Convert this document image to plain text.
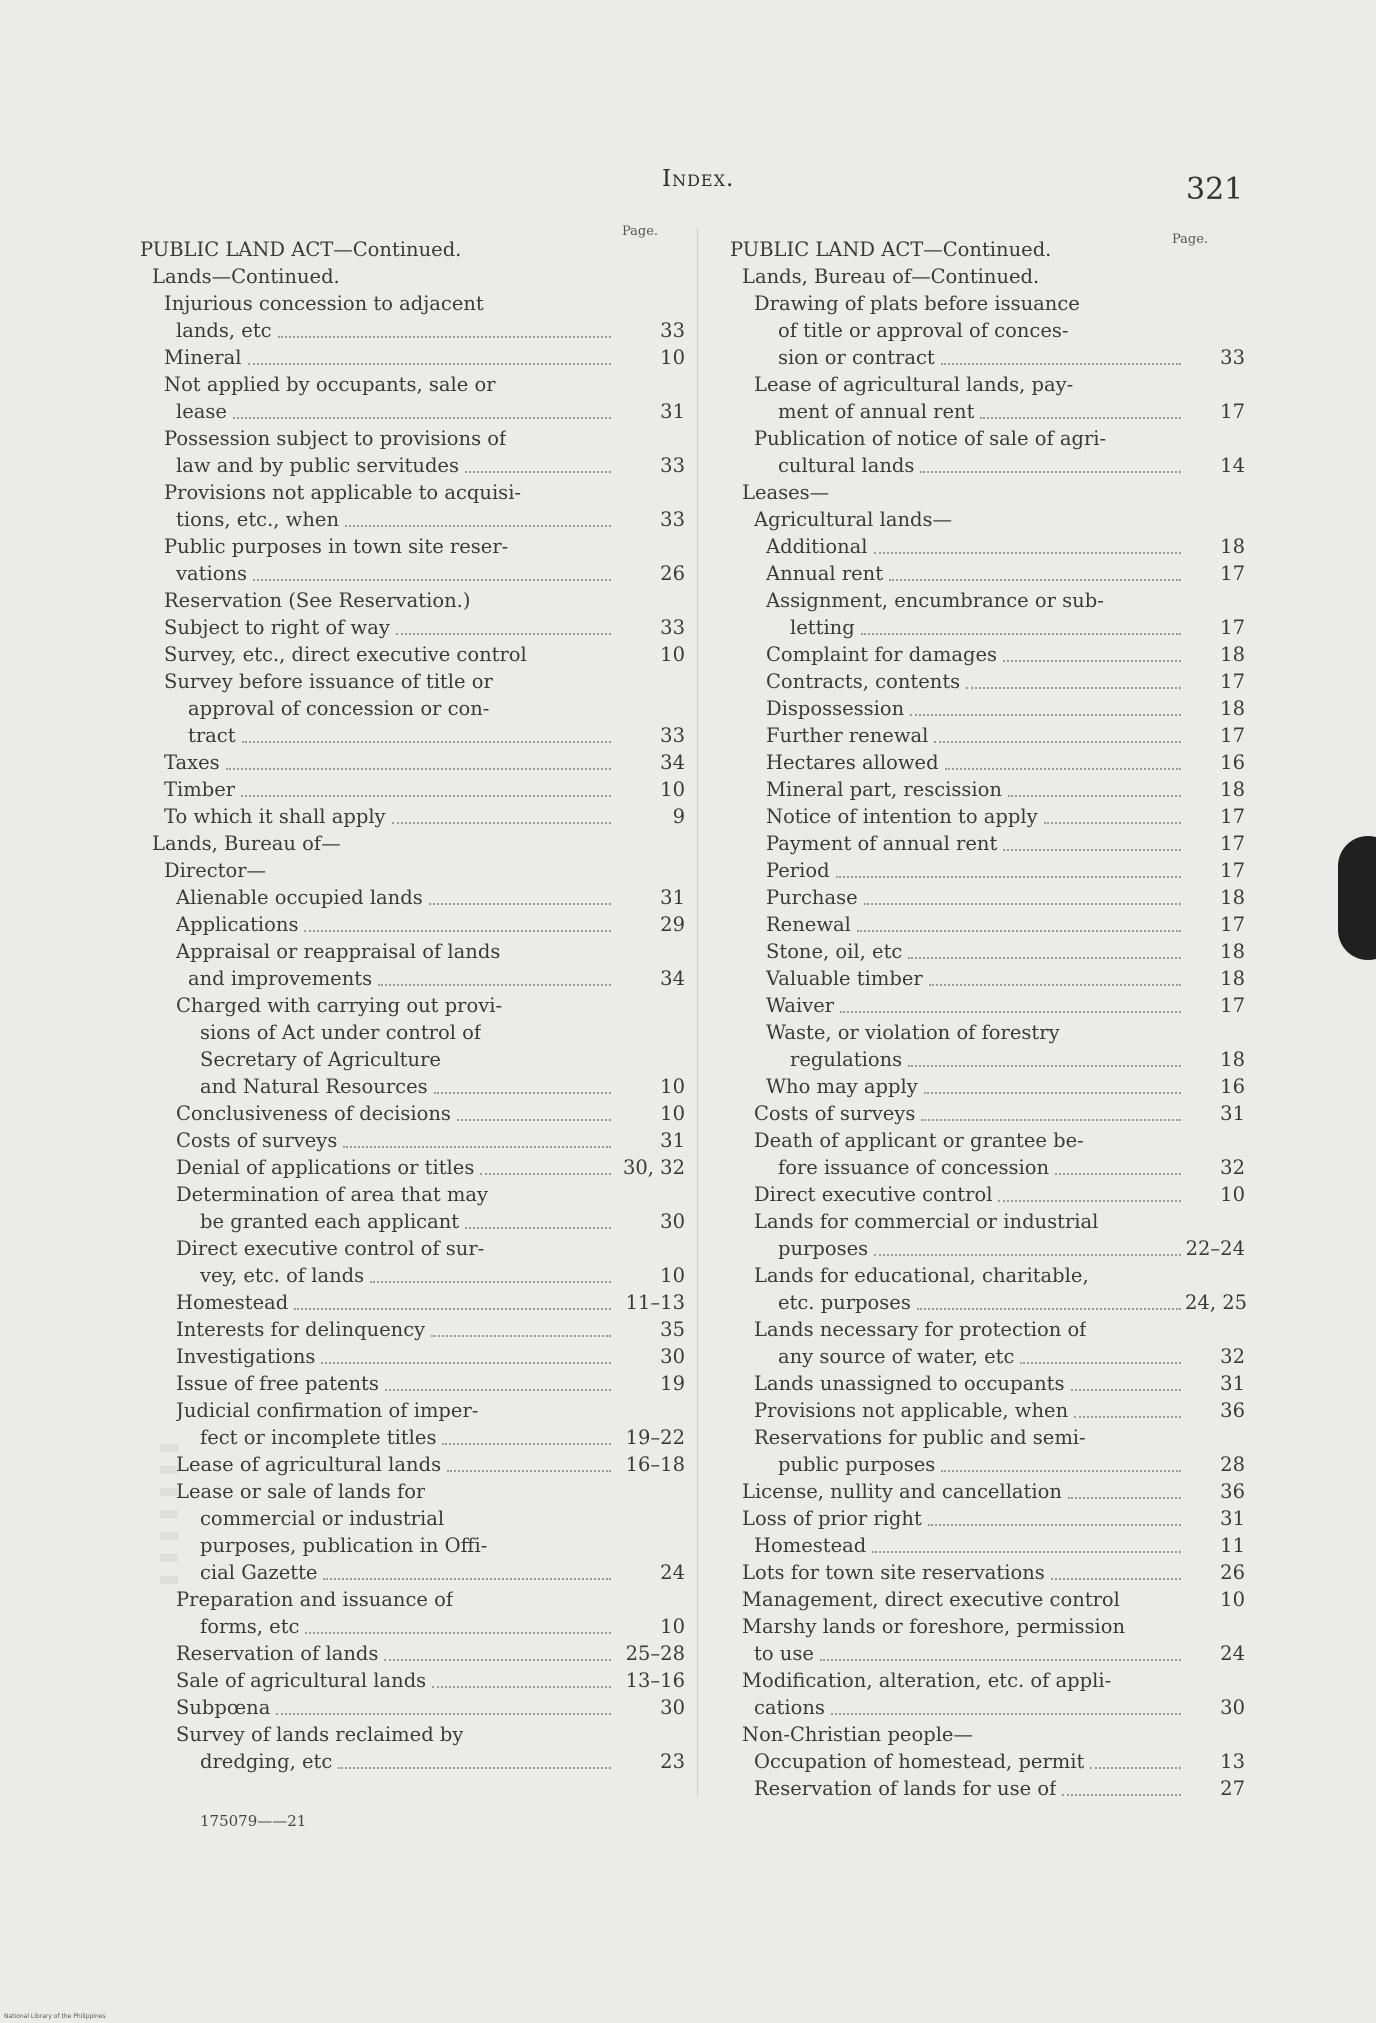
Index.	321
Page.
Page.
PUBLIC LAND ACT—Continued.
Lands—Continued.
Injurious concession to adjacent
lands, etc	33
Mineral	10
Not applied by occupants, sale or
lease	31
Possession subject to provisions of
law and by public servitudes	33
Provisions not applicable to acquisi-
tions, etc., when	33
Public purposes in town site reser-
vations	26
Reservation (See Reservation.)
Subject to right of way	33
Survey, etc., direct executive control	10
Survey before issuance of title or
approval of concession or con-
tract	33
Taxes	34
Timber	10
To which it shall apply	9
Lands, Bureau of—
Director—
Alienable occupied lands	31
Applications	29
Appraisal or reappraisal of lands
and improvements	34
Charged with carrying out provi-
sions of Act under control of
Secretary of Agriculture
and Natural Resources	10
Conclusiveness of decisions	10
Costs of surveys	31
Denial of applications or titles	30, 32
Determination of area that may
be granted each applicant	30
Direct executive control of sur-
vey, etc. of lands	10
Homestead	11–13
Interests for delinquency	35
Investigations	30
Issue of free patents	19
Judicial confirmation of imper-
fect or incomplete titles	19–22
Lease of agricultural lands	16–18
Lease or sale of lands for
commercial or industrial
purposes, publication in Offi-
cial Gazette	24
Preparation and issuance of
forms, etc	10
Reservation of lands	25–28
Sale of agricultural lands	13–16
Subpœna	30
Survey of lands reclaimed by
dredging, etc	23
PUBLIC LAND ACT—Continued.
Lands, Bureau of—Continued.
Drawing of plats before issuance
of title or approval of conces-
sion or contract	33
Lease of agricultural lands, pay-
ment of annual rent	17
Publication of notice of sale of agri-
cultural lands	14
Leases—
Agricultural lands—
Additional	18
Annual rent	17
Assignment, encumbrance or sub-
letting	17
Complaint for damages	18
Contracts, contents	17
Dispossession	18
Further renewal	17
Hectares allowed	16
Mineral part, rescission	18
Notice of intention to apply	17
Payment of annual rent	17
Period	17
Purchase	18
Renewal	17
Stone, oil, etc	18
Valuable timber	18
Waiver	17
Waste, or violation of forestry
regulations	18
Who may apply	16
Costs of surveys	31
Death of applicant or grantee be-
fore issuance of concession	32
Direct executive control	10
Lands for commercial or industrial
purposes	22–24
Lands for educational, charitable,
etc. purposes	24, 25
Lands necessary for protection of
any source of water, etc	32
Lands unassigned to occupants	31
Provisions not applicable, when	36
Reservations for public and semi-
public purposes	28
License, nullity and cancellation	36
Loss of prior right	31
Homestead	11
Lots for town site reservations	26
Management, direct executive control	10
Marshy lands or foreshore, permission
to use	24
Modification, alteration, etc. of appli-
cations	30
Non-Christian people—
Occupation of homestead, permit	13
Reservation of lands for use of	27
175079——21
National Library of the Philippines
